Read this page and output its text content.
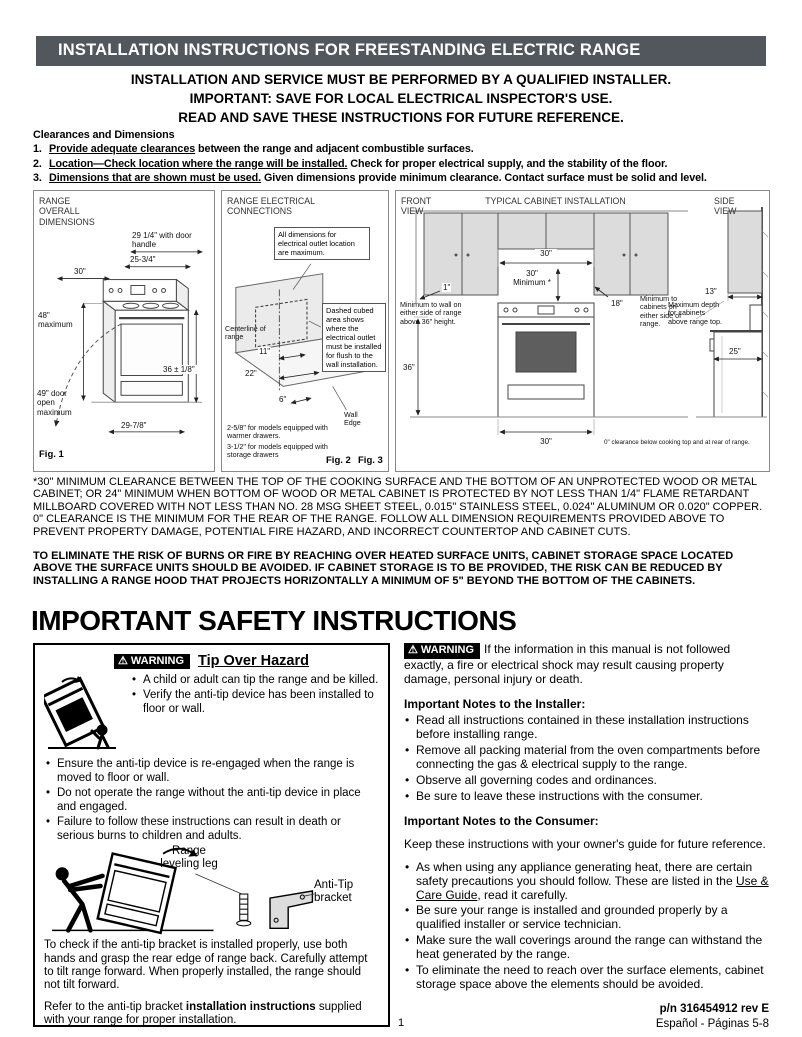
INSTALLATION INSTRUCTIONS FOR FREESTANDING ELECTRIC RANGE
INSTALLATION AND SERVICE MUST BE PERFORMED BY A QUALIFIED INSTALLER.
IMPORTANT: SAVE FOR LOCAL ELECTRICAL INSPECTOR'S USE.
READ AND SAVE THESE INSTRUCTIONS FOR FUTURE REFERENCE.
Clearances and Dimensions
1. Provide adequate clearances between the range and adjacent combustible surfaces.
2. Location—Check location where the range will be installed. Check for proper electrical supply, and the stability of the floor.
3. Dimensions that are shown must be used. Given dimensions provide minimum clearance. Contact surface must be solid and level.
RANGE OVERALL DIMENSIONS
29 1/4" with door handle
25-3/4"
30"
48" maximum
36 ± 1/8"
49" door open maximum
29-7/8"
Fig. 1
RANGE ELECTRICAL CONNECTIONS
All dimensions for electrical outlet location are maximum.
Dashed cubed area shows where the electrical outlet must be installed for flush to the wall installation.
Centerline of range
11"
22"
6"
Wall Edge
2-5/8" for models equipped with warmer drawers.
3-1/2" for models equipped with storage drawers
Fig. 2 Fig. 3
FRONT VIEW
TYPICAL CABINET INSTALLATION	SIDE VIEW
30"
30" Minimum *
1"
Minimum to wall on either side of range above 36" height.
18"
Minimum to cabinets on either side of range.
36"
30"	0" clearance below cooking top and at rear of range.
13"
Maximum depth for cabinets above range top.
25"

*30" MINIMUM CLEARANCE BETWEEN THE TOP OF THE COOKING SURFACE AND THE BOTTOM OF AN UNPROTECTED WOOD OR METAL CABINET; OR 24" MINIMUM WHEN BOTTOM OF WOOD OR METAL CABINET IS PROTECTED BY NOT LESS THAN 1/4" FLAME RETARDANT MILLBOARD COVERED WITH NOT LESS THAN NO. 28 MSG SHEET STEEL, 0.015" STAINLESS STEEL, 0.024" ALUMINUM OR 0.020" COPPER. 0" CLEARANCE IS THE MINIMUM FOR THE REAR OF THE RANGE. FOLLOW ALL DIMENSION REQUIREMENTS PROVIDED ABOVE TO PREVENT PROPERTY DAMAGE, POTENTIAL FIRE HAZARD, AND INCORRECT COUNTERTOP AND CABINET CUTS.

TO ELIMINATE THE RISK OF BURNS OR FIRE BY REACHING OVER HEATED SURFACE UNITS, CABINET STORAGE SPACE LOCATED ABOVE THE SURFACE UNITS SHOULD BE AVOIDED. IF CABINET STORAGE IS TO BE PROVIDED, THE RISK CAN BE REDUCED BY INSTALLING A RANGE HOOD THAT PROJECTS HORIZONTALLY A MINIMUM OF 5" BEYOND THE BOTTOM OF THE CABINETS.

IMPORTANT SAFETY INSTRUCTIONS
⚠ WARNING Tip Over Hazard
• A child or adult can tip the range and be killed.
• Verify the anti-tip device has been installed to floor or wall.
• Ensure the anti-tip device is re-engaged when the range is moved to floor or wall.
• Do not operate the range without the anti-tip device in place and engaged.
• Failure to follow these instructions can result in death or serious burns to children and adults.
Range leveling leg
Anti-Tip bracket

To check if the anti-tip bracket is installed properly, use both hands and grasp the rear edge of range back. Carefully attempt to tilt range forward. When properly installed, the range should not tilt forward.

Refer to the anti-tip bracket installation instructions supplied with your range for proper installation.

⚠ WARNING If the information in this manual is not followed exactly, a fire or electrical shock may result causing property damage, personal injury or death.

Important Notes to the Installer:
• Read all instructions contained in these installation instructions before installing range.
• Remove all packing material from the oven compartments before connecting the gas & electrical supply to the range.
• Observe all governing codes and ordinances.
• Be sure to leave these instructions with the consumer.
Important Notes to the Consumer:

Keep these instructions with your owner's guide for future reference.

• As when using any appliance generating heat, there are certain safety precautions you should follow. These are listed in the Use & Care Guide, read it carefully.
• Be sure your range is installed and grounded properly by a qualified installer or service technician.
• Make sure the wall coverings around the range can withstand the heat generated by the range.
• To eliminate the need to reach over the surface elements, cabinet storage space above the elements should be avoided.
1
p/n 316454912 rev E
Español - Páginas 5-8
